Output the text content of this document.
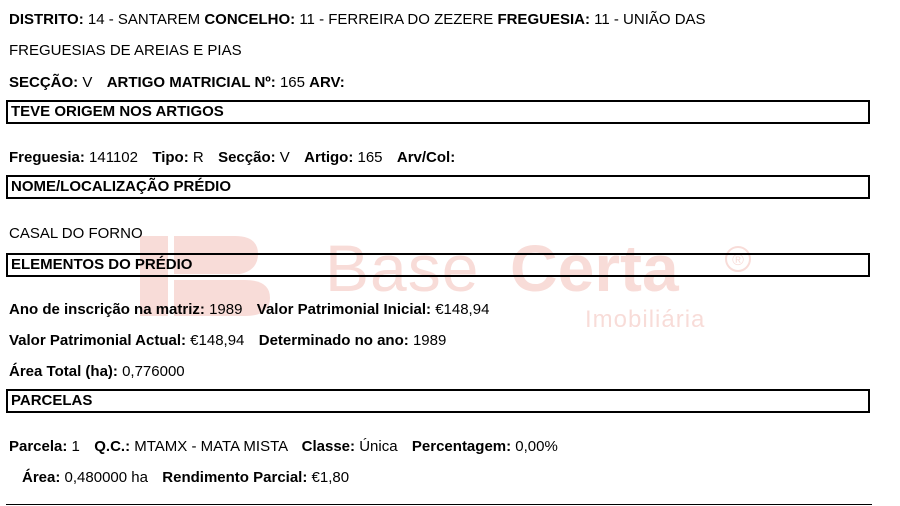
Base Certa	®
Imobiliária
DISTRITO: 14 - SANTAREM CONCELHO: 11 - FERREIRA DO ZEZERE FREGUESIA: 11 - UNIÃO DAS
FREGUESIAS DE AREIAS E PIAS
SECÇÃO: V ARTIGO MATRICIAL Nº: 165 ARV:
TEVE ORIGEM NOS ARTIGOS
Freguesia: 141102 Tipo: R Secção: V Artigo: 165 Arv/Col:
NOME/LOCALIZAÇÃO PRÉDIO
CASAL DO FORNO
ELEMENTOS DO PRÉDIO
Ano de inscrição na matriz: 1989 Valor Patrimonial Inicial: €148,94
Valor Patrimonial Actual: €148,94 Determinado no ano: 1989
Área Total (ha): 0,776000
PARCELAS
Parcela: 1 Q.C.: MTAMX - MATA MISTA Classe: Única Percentagem: 0,00%
Área: 0,480000 ha Rendimento Parcial: €1,80
